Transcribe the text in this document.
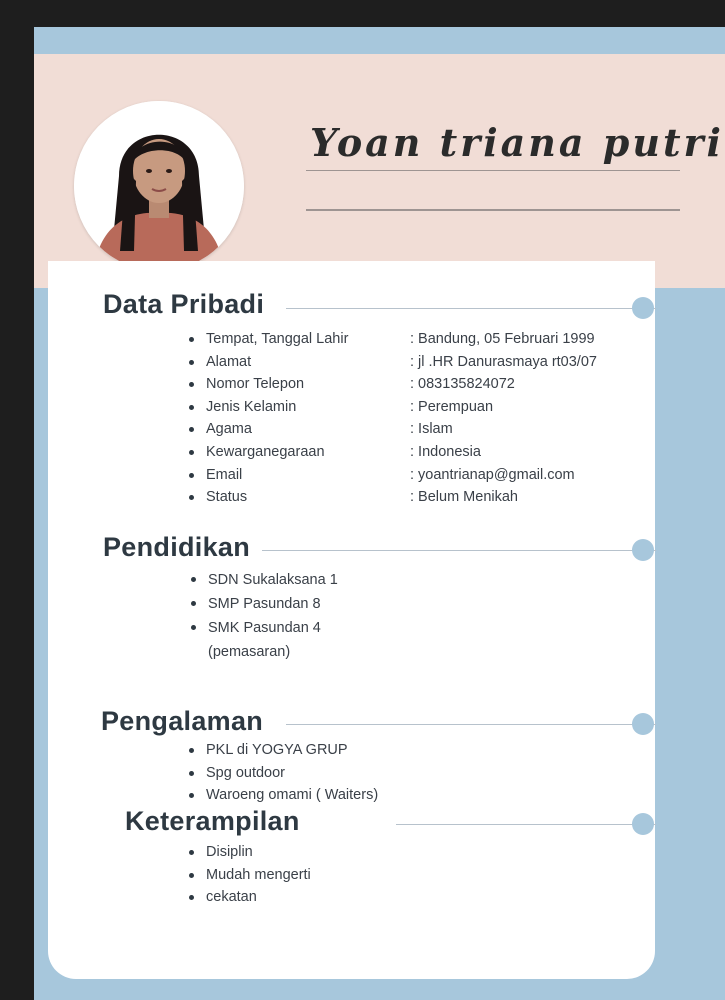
Yoan triana putri
Data Pribadi
Tempat, Tanggal Lahir	: Bandung, 05 Februari 1999
Alamat	: jl .HR Danurasmaya rt03/07
Nomor Telepon	: 083135824072
Jenis Kelamin	: Perempuan
Agama	: Islam
Kewarganegaraan	: Indonesia
Email	: yoantrianap@gmail.com
Status	: Belum Menikah
Pendidikan
SDN Sukalaksana 1
SMP Pasundan 8
SMK Pasundan 4
(pemasaran)
Pengalaman
PKL di YOGYA GRUP
Spg outdoor
Waroeng omami ( Waiters)
Keterampilan
Disiplin
Mudah mengerti
cekatan
